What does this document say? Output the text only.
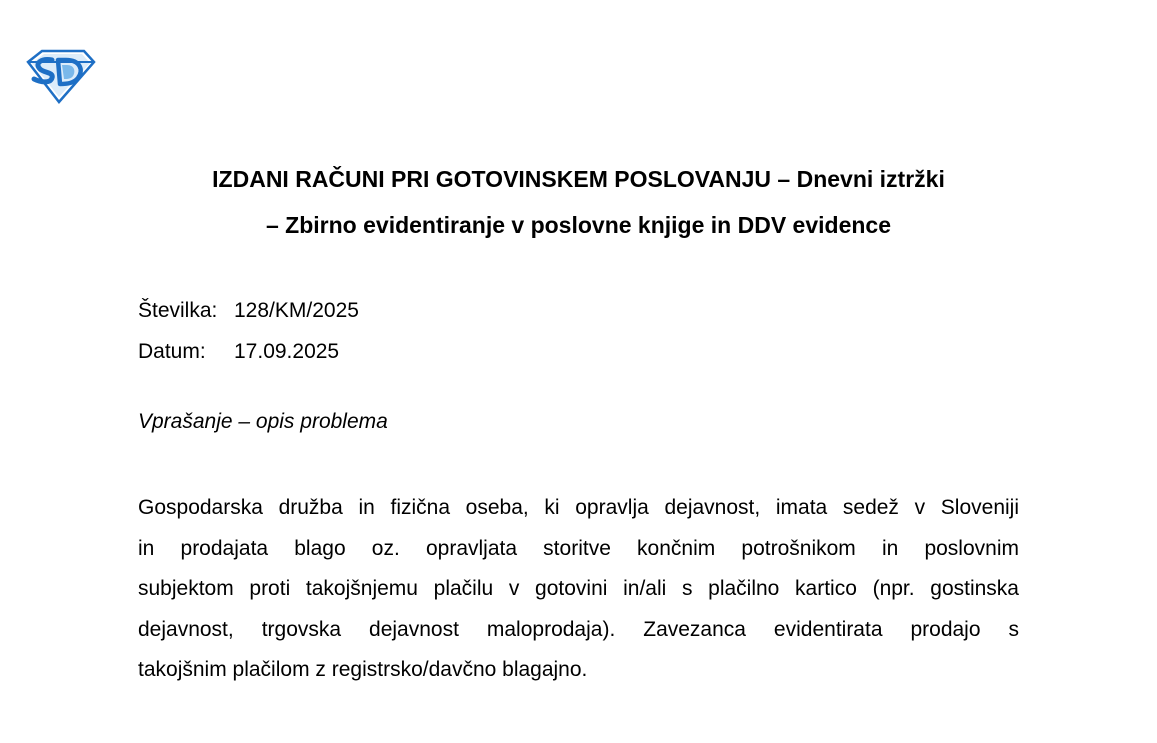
IZDANI RAČUNI PRI GOTOVINSKEM POSLOVANJU – Dnevni iztržki
– Zbirno evidentiranje v poslovne knjige in DDV evidence
Številka: 128/KM/2025
Datum:	17.09.2025
Vprašanje – opis problema
Gospodarska družba in fizična oseba, ki opravlja dejavnost, imata sedež v Sloveniji
in prodajata blago oz. opravljata storitve končnim potrošnikom in poslovnim
subjektom proti takojšnjemu plačilu v gotovini in/ali s plačilno kartico (npr. gostinska
dejavnost, trgovska dejavnost maloprodaja). Zavezanca evidentirata prodajo s
takojšnim plačilom z registrsko/davčno blagajno.
